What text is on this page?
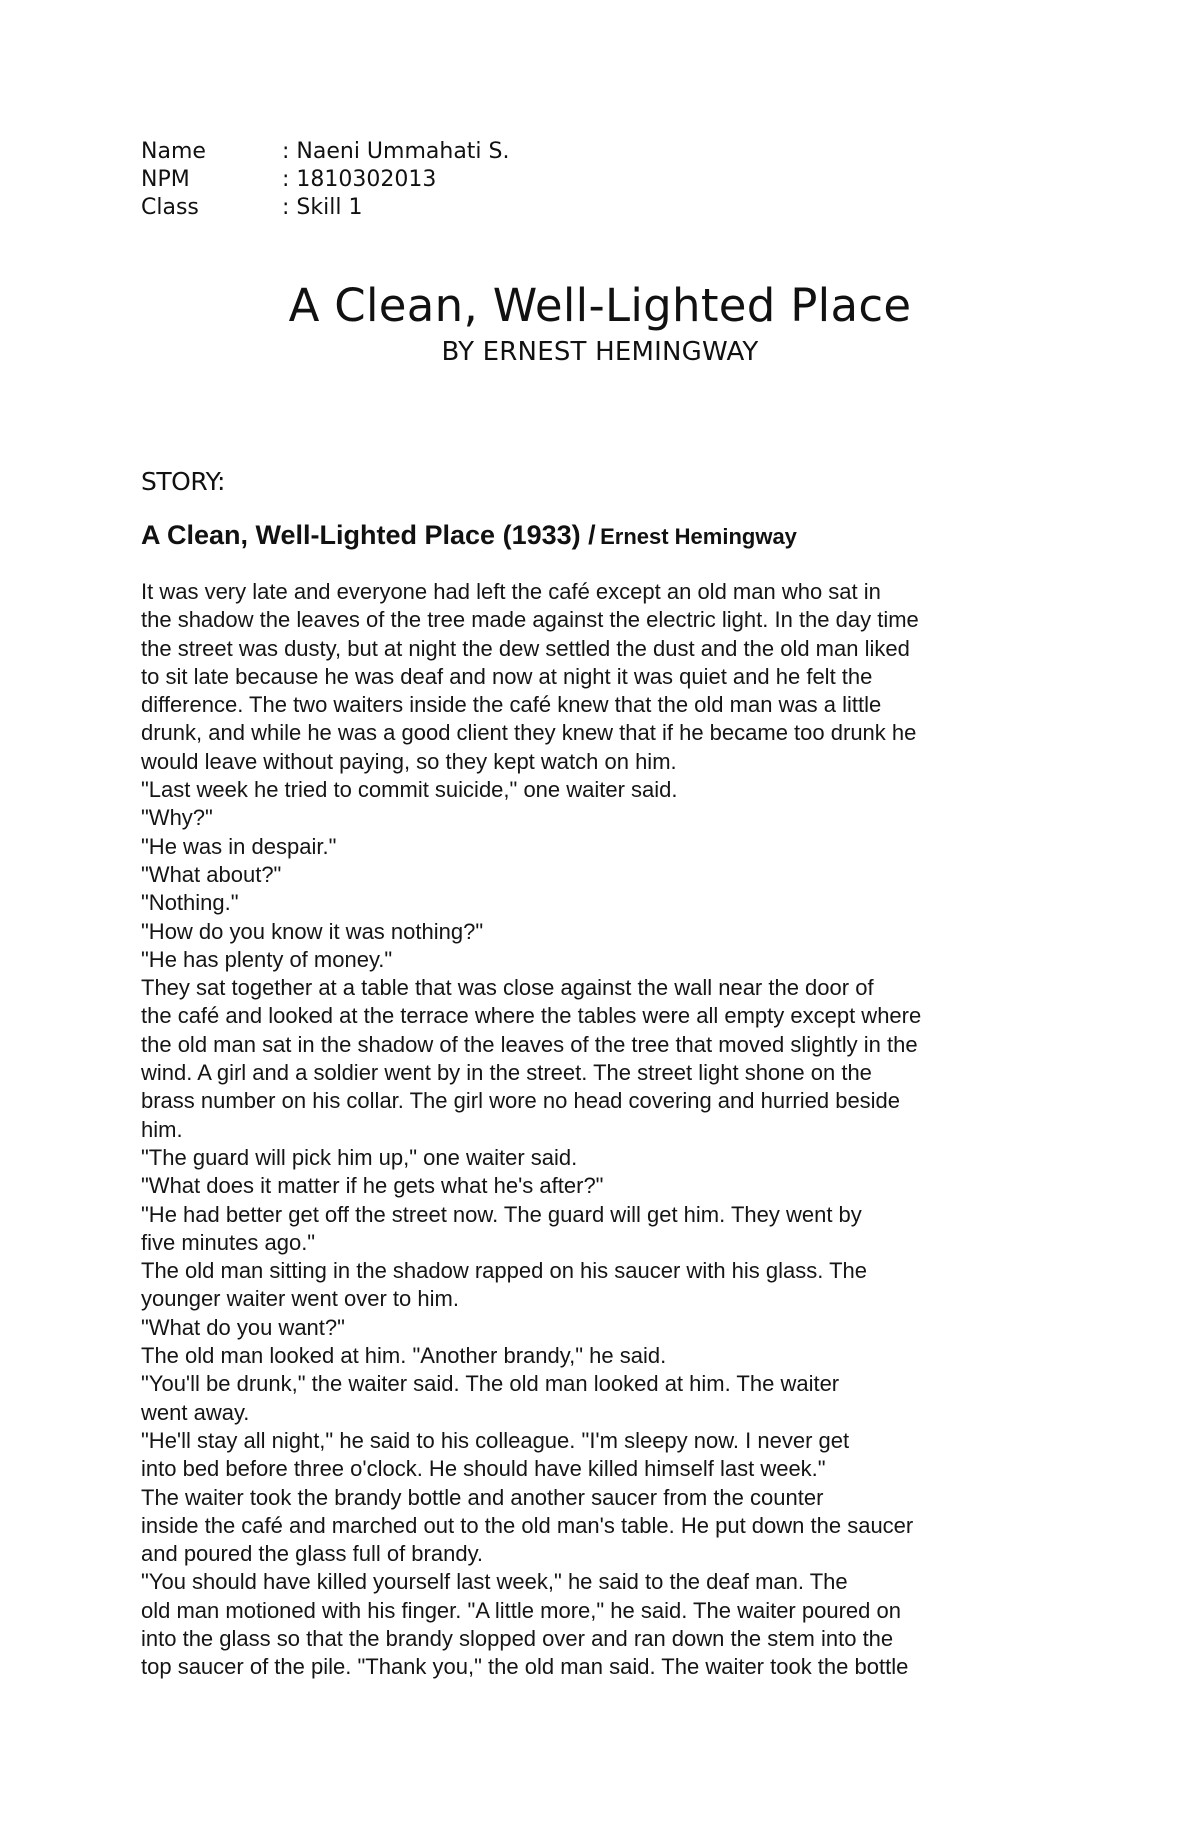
Name	: Naeni Ummahati S.
NPM	: 1810302013
Class	: Skill 1
A Clean, Well-Lighted Place
BY ERNEST HEMINGWAY
STORY:
A Clean, Well-Lighted Place (1933) / Ernest Hemingway
It was very late and everyone had left the café except an old man who sat in
the shadow the leaves of the tree made against the electric light. In the day time
the street was dusty, but at night the dew settled the dust and the old man liked
to sit late because he was deaf and now at night it was quiet and he felt the
difference. The two waiters inside the café knew that the old man was a little
drunk, and while he was a good client they knew that if he became too drunk he
would leave without paying, so they kept watch on him.
"Last week he tried to commit suicide," one waiter said.
"Why?"
"He was in despair."
"What about?"
"Nothing."
"How do you know it was nothing?"
"He has plenty of money."
They sat together at a table that was close against the wall near the door of
the café and looked at the terrace where the tables were all empty except where
the old man sat in the shadow of the leaves of the tree that moved slightly in the
wind. A girl and a soldier went by in the street. The street light shone on the
brass number on his collar. The girl wore no head covering and hurried beside
him.
"The guard will pick him up," one waiter said.
"What does it matter if he gets what he's after?"
"He had better get off the street now. The guard will get him. They went by
five minutes ago."
The old man sitting in the shadow rapped on his saucer with his glass. The
younger waiter went over to him.
"What do you want?"
The old man looked at him. "Another brandy," he said.
"You'll be drunk," the waiter said. The old man looked at him. The waiter
went away.
"He'll stay all night," he said to his colleague. "I'm sleepy now. I never get
into bed before three o'clock. He should have killed himself last week."
The waiter took the brandy bottle and another saucer from the counter
inside the café and marched out to the old man's table. He put down the saucer
and poured the glass full of brandy.
"You should have killed yourself last week," he said to the deaf man. The
old man motioned with his finger. "A little more," he said. The waiter poured on
into the glass so that the brandy slopped over and ran down the stem into the
top saucer of the pile. "Thank you," the old man said. The waiter took the bottle
